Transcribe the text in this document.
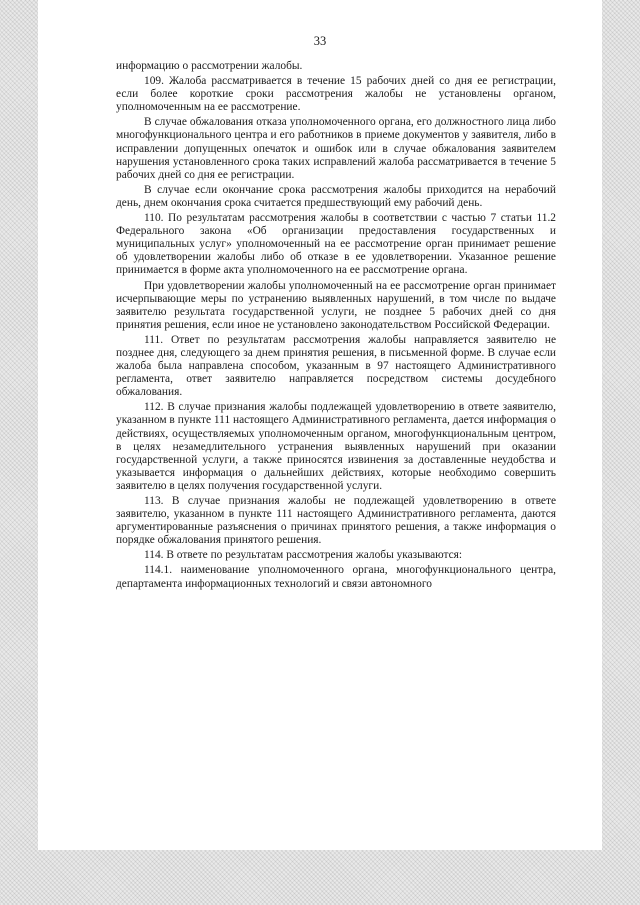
33

информацию о рассмотрении жалобы.

109. Жалоба рассматривается в течение 15 рабочих дней со дня ее регистрации, если более короткие сроки рассмотрения жалобы не установлены органом, уполномоченным на ее рассмотрение.

В случае обжалования отказа уполномоченного органа, его должностного лица либо многофункционального центра и его работников в приеме документов у заявителя, либо в исправлении допущенных опечаток и ошибок или в случае обжалования заявителем нарушения установленного срока таких исправлений жалоба рассматривается в течение 5 рабочих дней со дня ее регистрации.

В случае если окончание срока рассмотрения жалобы приходится на нерабочий день, днем окончания срока считается предшествующий ему рабочий день.

110. По результатам рассмотрения жалобы в соответствии с частью 7 статьи 11.2 Федерального закона «Об организации предоставления государственных и муниципальных услуг» уполномоченный на ее рассмотрение орган принимает решение об удовлетворении жалобы либо об отказе в ее удовлетворении. Указанное решение принимается в форме акта уполномоченного на ее рассмотрение органа.

При удовлетворении жалобы уполномоченный на ее рассмотрение орган принимает исчерпывающие меры по устранению выявленных нарушений, в том числе по выдаче заявителю результата государственной услуги, не позднее 5 рабочих дней со дня принятия решения, если иное не установлено законодательством Российской Федерации.

111. Ответ по результатам рассмотрения жалобы направляется заявителю не позднее дня, следующего за днем принятия решения, в письменной форме. В случае если жалоба была направлена способом, указанным в 97 настоящего Административного регламента, ответ заявителю направляется посредством системы досудебного обжалования.

112. В случае признания жалобы подлежащей удовлетворению в ответе заявителю, указанном в пункте 111 настоящего Административного регламента, дается информация о действиях, осуществляемых уполномоченным органом, многофункциональным центром, в целях незамедлительного устранения выявленных нарушений при оказании государственной услуги, а также приносятся извинения за доставленные неудобства и указывается информация о дальнейших действиях, которые необходимо совершить заявителю в целях получения государственной услуги.

113. В случае признания жалобы не подлежащей удовлетворению в ответе заявителю, указанном в пункте 111 настоящего Административного регламента, даются аргументированные разъяснения о причинах принятого решения, а также информация о порядке обжалования принятого решения.

114. В ответе по результатам рассмотрения жалобы указываются:

114.1. наименование уполномоченного органа, многофункционального центра, департамента информационных технологий и связи автономного
